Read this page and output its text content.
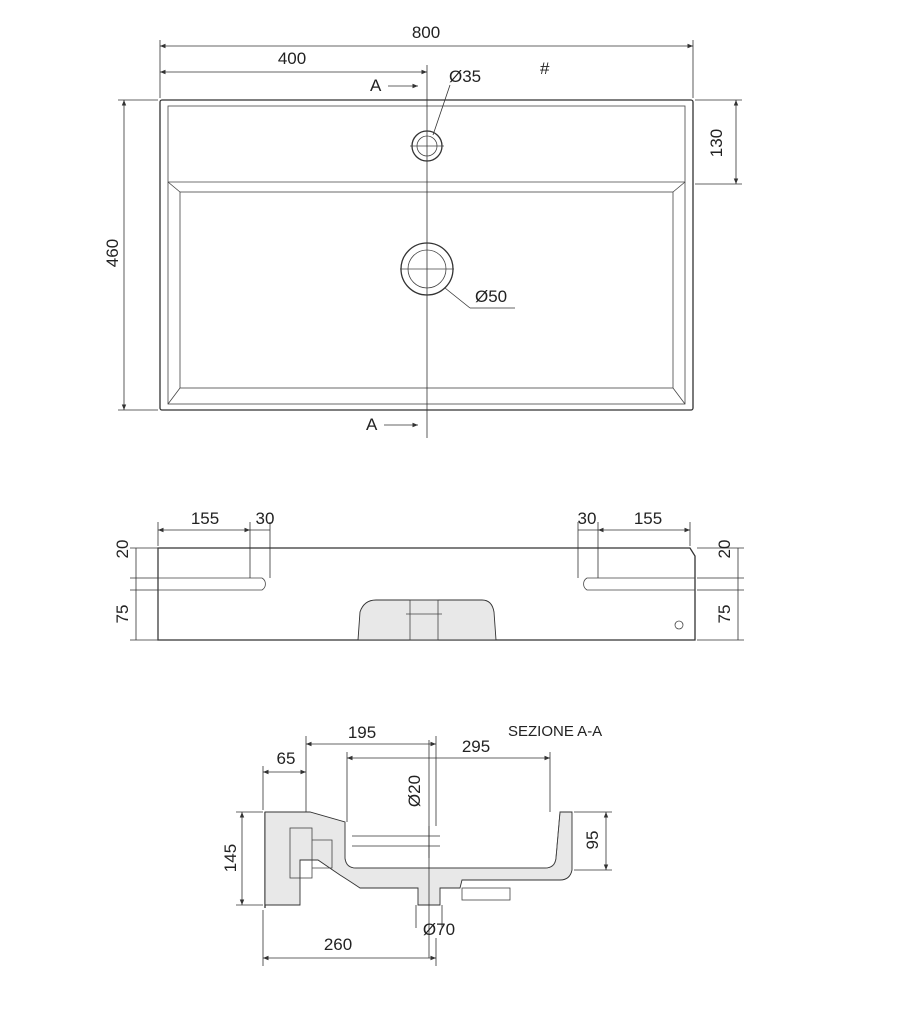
800
400
Ø35	#
Ø50
A
A
460
130
155 30	30 155
20
75
20
75
SEZIONE A-A
195
295
65
Ø20
145
95
Ø70
260
